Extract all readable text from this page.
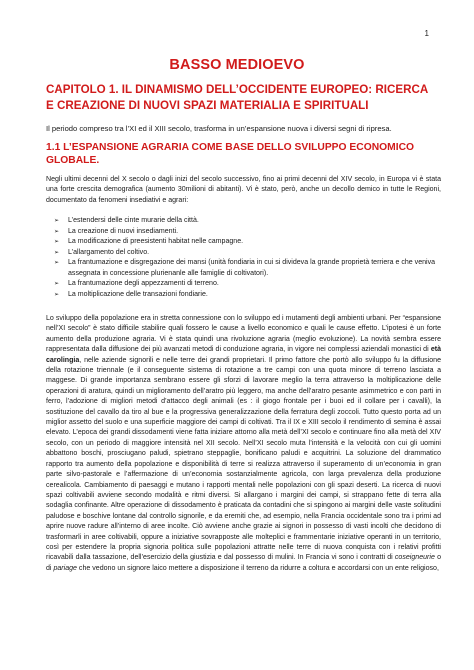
1
BASSO MEDIOEVO
CAPITOLO 1. IL DINAMISMO DELL’OCCIDENTE EUROPEO: RICERCA E CREAZIONE DI NUOVI SPAZI MATERIALIA E SPIRITUALI
Il periodo compreso tra l’XI ed il XIII secolo, trasforma in un’espansione nuova i diversi segni di ripresa.
1.1 L’ESPANSIONE AGRARIA COME BASE DELLO SVILUPPO ECONOMICO GLOBALE.
Negli ultimi decenni del X secolo o dagli inizi del secolo successivo, fino ai primi decenni del XIV secolo, in Europa vi è stata una forte crescita demografica (aumento 30milioni di abitanti). Vi è stato, però, anche un decollo demico in tutte le Regioni, documentato da fenomeni insediativi e agrari:
➢ L’estendersi delle cinte murarie della città.
➢ La creazione di nuovi insediamenti.
➢ La modificazione di preesistenti habitat nelle campagne.
➢ L’allargamento del coltivo.
➢ La frantumazione e disgregazione dei mansi (unità fondiaria in cui si divideva la grande proprietà terriera e che veniva assegnata in concessione plurienanle alle famiglie di coltivatori).
➢ La frantumazione degli appezzamenti di terreno.
➢ La moltiplicazione delle transazioni fondiarie.
Lo sviluppo della popolazione era in stretta connessione con lo sviluppo ed i mutamenti degli ambienti urbani. Per “espansione nell’XI secolo” è stato difficile stabilire quali fossero le cause a livello economico e quali le cause effetto. L’ipotesi è un forte aumento della produzione agraria. Vi è stata quindi una rivoluzione agraria (meglio evoluzione). La novità sembra essere rappresentata dalla diffusione dei più avanzati metodi di conduzione agraria, in vigore nei complessi aziendali monastici di età carolingia, nelle aziende signorili e nelle terre dei grandi proprietari. Il primo fattore che portò allo sviluppo fu la diffusione della rotazione triennale (e il conseguente sistema di rotazione a tre campi con una quota minore di terreno lasciata a maggese. Di grande importanza sembrano essere gli sforzi di lavorare meglio la terra attraverso la moltiplicazione delle operazioni di aratura, quindi un miglioramento dell’aratro più leggero, ma anche dell’aratro pesante asimmetrico e con parti in ferro, l’adozione di migliori metodi d’attacco degli animali (es : il giogo frontale per i buoi ed il collare per i cavalli), la sostituzione del cavallo da tiro al bue e la progressiva generalizzazione della ferratura degli zoccoli. Tutto questo porta ad un miglior assetto del suolo e una superficie maggiore dei campi di coltivati. Tra il IX e XIII secolo il rendimento di semina è assai elevato. L’epoca dei grandi dissodamenti viene fatta iniziare attorno alla metà dell’XI secolo e continuare fino alla metà del XIV secolo, con un periodo di maggiore intensità nel XII secolo. Nell’XI secolo muta l’intensità e la velocità con cui gli uomini abbattono boschi, prosciugano paludi, spietrano steppaglie, bonificano paludi e acquitrini. La soluzione del drammatico rapporto tra aumento della popolazione e disponibilità di terre si realizza attraverso il superamento di un’economia in gran parte silvo-pastorale e l’affermazione di un’economia sostanzialmente agricola, con larga prevalenza della produzione cerealicola. Cambiamento di paesaggi e mutano i rapporti mentali nelle popolazioni con gli spazi deserti. La ricerca di nuovi spazi coltivabili avviene secondo modalità e ritmi diversi. Si allargano i margini dei campi, si strappano fette di terra alla sodaglia confinante. Altre operazione di dissodamento è praticata da contadini che si spingono ai margini delle vaste solitudini paludose e boschive lontane dal controllo signorile, e da eremiti che, ad esempio, nella Francia occidentale sono tra i primi ad aprire nuove radure all’interno di aree incolte. Ciò avviene anche grazie ai signori in possesso di vasti incolti che decidono di trasformarli in aree coltivabili, oppure a iniziative sovrapposte alle molteplici e frammentarie iniziative operanti in un territorio, così per estendere la propria signoria politica sulle popolazioni attratte nelle terre di nuova conquista con i relativi profitti ricavabili dalla tassazione, dell’esercizio della giustizia e dal possesso di mulini. In Francia vi sono i contratti di coseigneurie o di pariage che vedono un signore laico mettere a disposizione il terreno da ridurre a coltura e accordarsi con un ente religioso,
